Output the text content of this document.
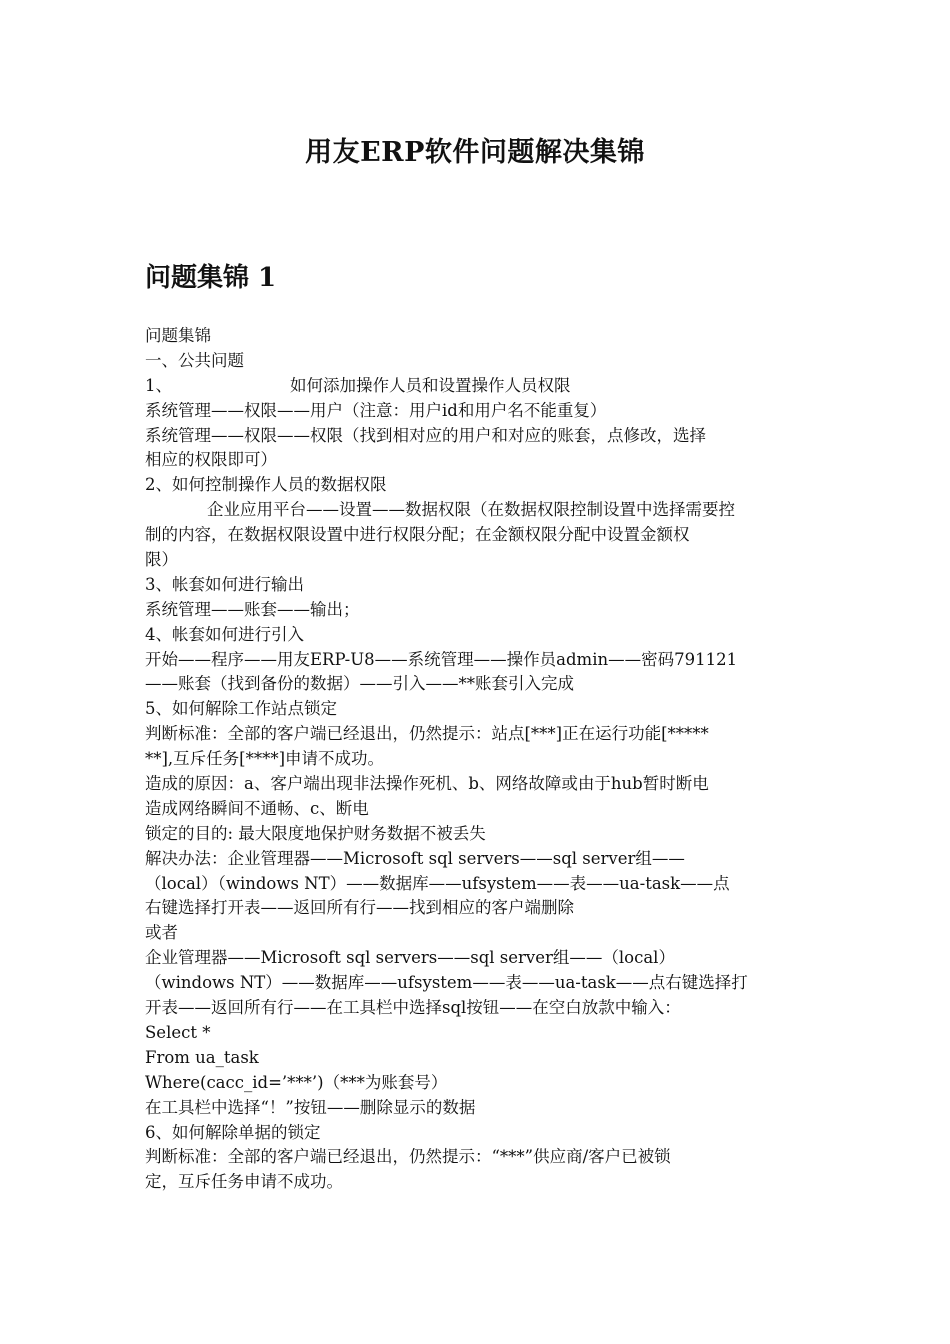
用友ERP软件问题解决集锦
问题集锦 1
问题集锦
一、公共问题
1、	如何添加操作人员和设置操作人员权限
系统管理——权限——用户（注意：用户id和用户名不能重复）
系统管理——权限——权限（找到相对应的用户和对应的账套，点修改，选择
相应的权限即可）
2、如何控制操作人员的数据权限
企业应用平台——设置——数据权限（在数据权限控制设置中选择需要控
制的内容，在数据权限设置中进行权限分配；在金额权限分配中设置金额权
限）
3、帐套如何进行输出
系统管理——账套——输出；
4、帐套如何进行引入
开始——程序——用友ERP-U8——系统管理——操作员admin——密码791121
——账套（找到备份的数据）——引入——**账套引入完成
5、如何解除工作站点锁定
判断标准：全部的客户端已经退出，仍然提示：站点[***]正在运行功能[*****
**],互斥任务[****]申请不成功。
造成的原因：a、客户端出现非法操作死机、b、网络故障或由于hub暂时断电
造成网络瞬间不通畅、c、断电
锁定的目的: 最大限度地保护财务数据不被丢失
解决办法：企业管理器——Microsoft sql servers——sql server组——
（local）（windows NT）——数据库——ufsystem——表——ua-task——点
右键选择打开表——返回所有行——找到相应的客户端删除
或者
企业管理器——Microsoft sql servers——sql server组——（local）
（windows NT）——数据库——ufsystem——表——ua-task——点右键选择打
开表——返回所有行——在工具栏中选择sql按钮——在空白放款中输入：
Select *
From ua_task
Where(cacc_id=’***’)（***为账套号）
在工具栏中选择“！”按钮——删除显示的数据
6、如何解除单据的锁定
判断标准：全部的客户端已经退出，仍然提示：“***”供应商/客户已被锁
定，互斥任务申请不成功。
